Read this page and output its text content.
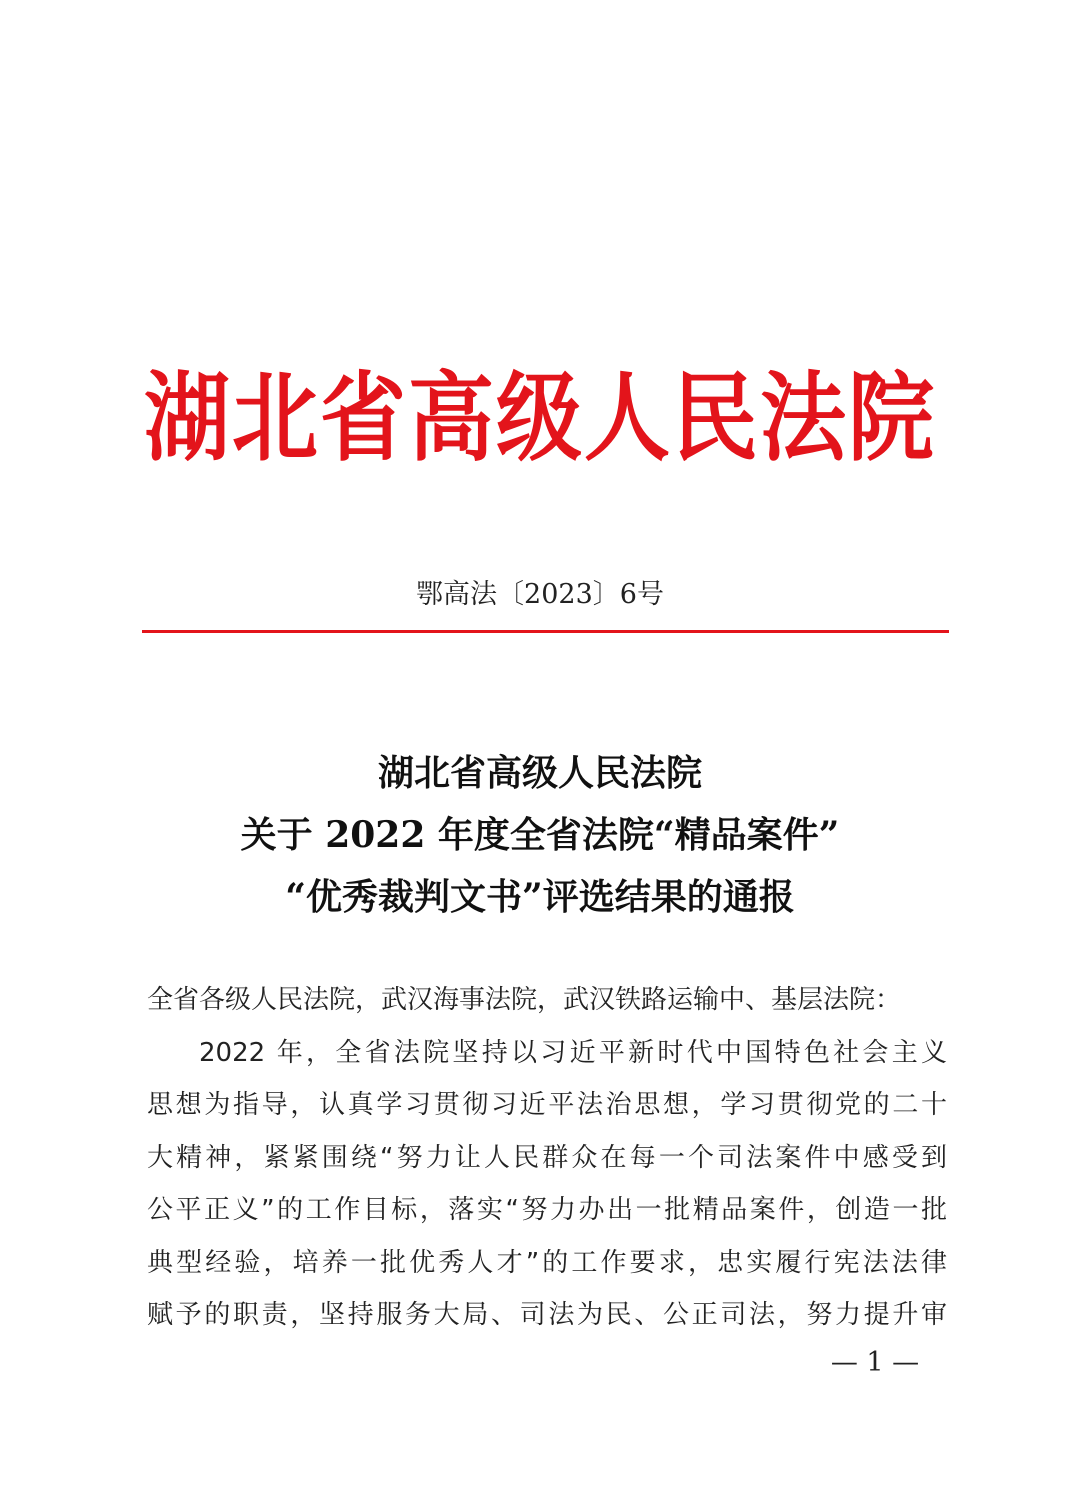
湖北省高级人民法院
鄂高法〔2023〕6号
湖北省高级人民法院
关于 2022 年度全省法院“精品案件”
“优秀裁判文书”评选结果的通报
全省各级人民法院，武汉海事法院，武汉铁路运输中、基层法院：
2022 年，全省法院坚持以习近平新时代中国特色社会主义
思想为指导，认真学习贯彻习近平法治思想，学习贯彻党的二十
大精神，紧紧围绕“努力让人民群众在每一个司法案件中感受到
公平正义”的工作目标，落实“努力办出一批精品案件，创造一批
典型经验，培养一批优秀人才”的工作要求，忠实履行宪法法律
赋予的职责，坚持服务大局、司法为民、公正司法，努力提升审
— 1 —
